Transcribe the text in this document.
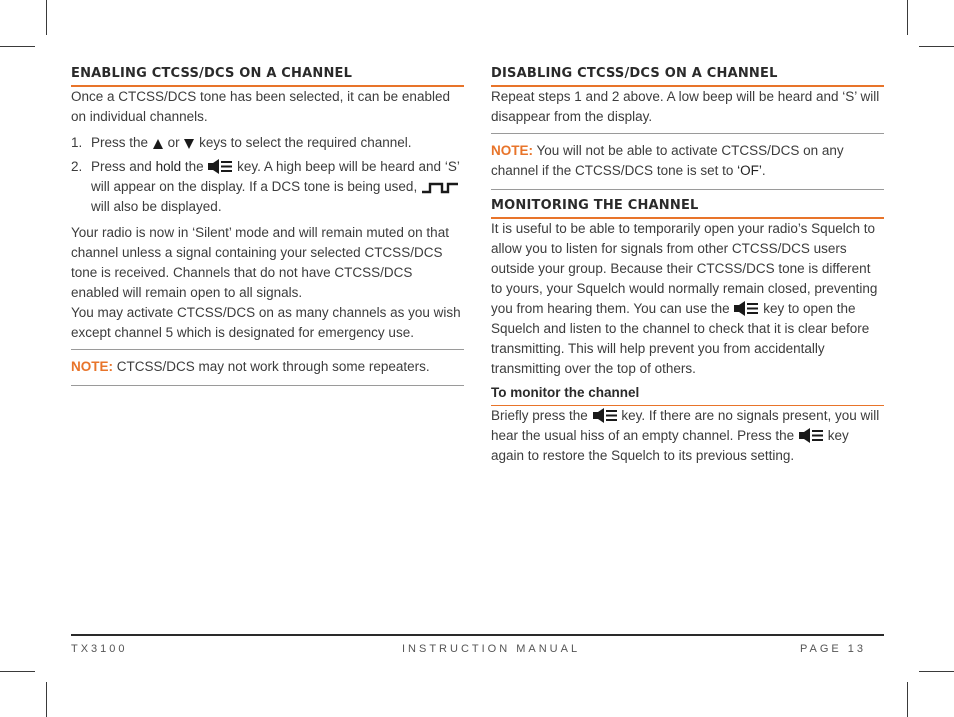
ENABLING CTCSS/DCS ON A CHANNEL

Once a CTCSS/DCS tone has been selected, it can be enabled on individual channels.

1. Press the or keys to select the required channel.
2. Press and hold the key. A high beep will be heard and ‘S’ will appear on the display. If a DCS tone is being used,  will also be displayed.

Your radio is now in ‘Silent’ mode and will remain muted on that channel unless a signal containing your selected CTCSS/DCS tone is received. Channels that do not have CTCSS/DCS enabled will remain open to all signals.

You may activate CTCSS/DCS on as many channels as you wish except channel 5 which is designated for emergency use.

NOTE: CTCSS/DCS may not work through some repeaters.
DISABLING CTCSS/DCS ON A CHANNEL

Repeat steps 1 and 2 above. A low beep will be heard and ‘S’ will disappear from the display.

NOTE: You will not be able to activate CTCSS/DCS on any channel if the CTCSS/DCS tone is set to ‘OF’.
MONITORING THE CHANNEL

It is useful to be able to temporarily open your radio’s Squelch to allow you to listen for signals from other CTCSS/DCS users outside your group. Because their CTCSS/DCS tone is different to yours, your Squelch would normally remain closed, preventing you from hearing them. You can use the key to open the Squelch and listen to the channel to check that it is clear before transmitting. This will help prevent you from accidentally transmitting over the top of others.

To monitor the channel

Briefly press the key. If there are no signals present, you will hear the usual hiss of an empty channel. Press the key again to restore the Squelch to its previous setting.

TX3100	INSTRUCTION MANUAL	PAGE 13
